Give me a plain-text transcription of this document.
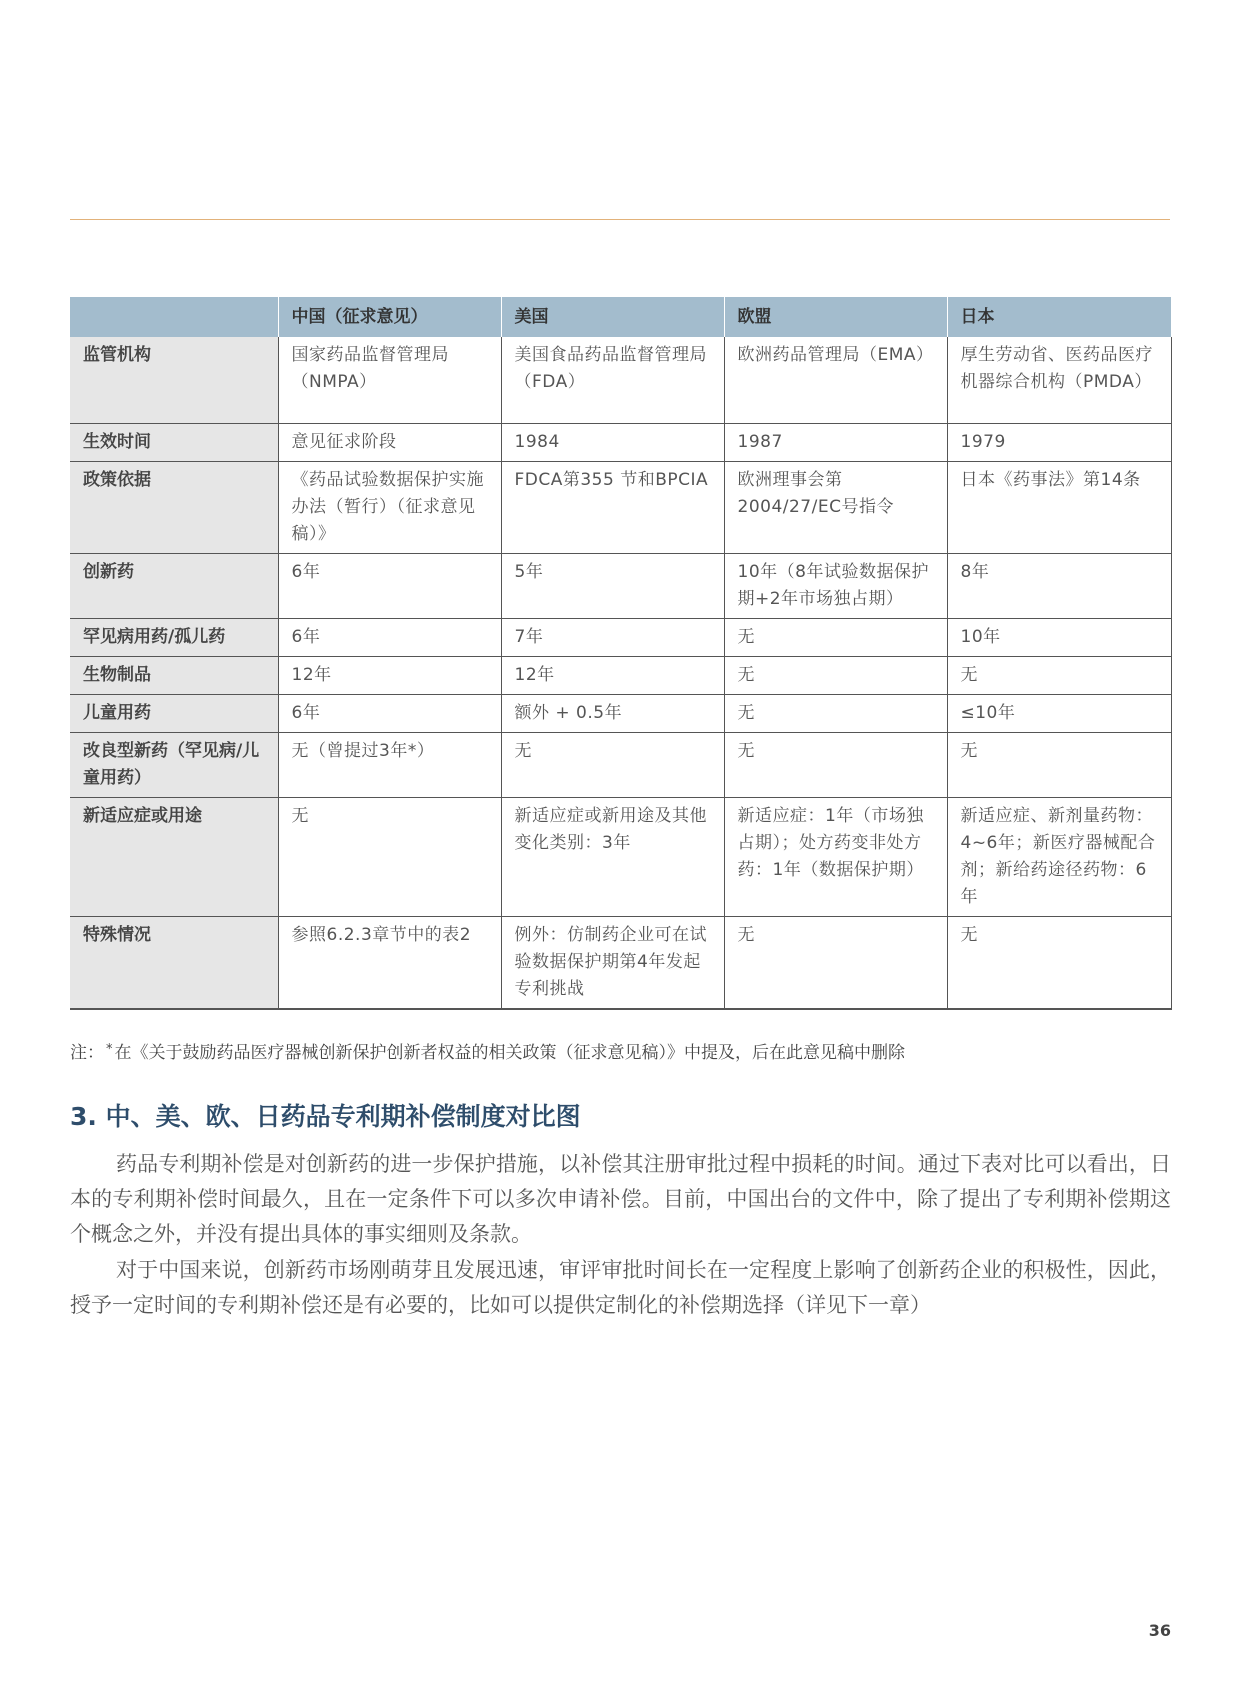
	中国（征求意见）	美国	欧盟	日本
监管机构	国家药品监督管理局（NMPA）	美国食品药品监督管理局（FDA）	欧洲药品管理局（EMA）	厚生劳动省、医药品医疗机器综合机构（PMDA）
生效时间	意见征求阶段	1984	1987	1979
政策依据	《药品试验数据保护实施办法（暂行）（征求意见稿）》	FDCA第355 节和BPCIA	欧洲理事会第2004/27/EC号指令	日本《药事法》第14条
创新药	6年	5年	10年（8年试验数据保护期+2年市场独占期）	8年
罕见病用药/孤儿药	6年	7年	无	10年
生物制品	12年	12年	无	无
儿童用药	6年	额外 + 0.5年	无	≤10年
改良型新药（罕见病/儿童用药）	无（曾提过3年*）	无	无	无
新适应症或用途	无	新适应症或新用途及其他变化类别：3年	新适应症：1年（市场独占期）；处方药变非处方药：1年（数据保护期）	新适应症、新剂量药物：4~6年；新医疗器械配合剂；新给药途径药物：6年
特殊情况	参照6.2.3章节中的表2	例外：仿制药企业可在试验数据保护期第4年发起专利挑战	无	无
注： * 在《关于鼓励药品医疗器械创新保护创新者权益的相关政策（征求意见稿）》中提及，后在此意见稿中删除
3. 中、美、欧、日药品专利期补偿制度对比图

药品专利期补偿是对创新药的进一步保护措施，以补偿其注册审批过程中损耗的时间。通过下表对比可以看出，日本的专利期补偿时间最久，且在一定条件下可以多次申请补偿。目前，中国出台的文件中，除了提出了专利期补偿期这个概念之外，并没有提出具体的事实细则及条款。

对于中国来说，创新药市场刚萌芽且发展迅速，审评审批时间长在一定程度上影响了创新药企业的积极性，因此，授予一定时间的专利期补偿还是有必要的，比如可以提供定制化的补偿期选择（详见下一章）

36
